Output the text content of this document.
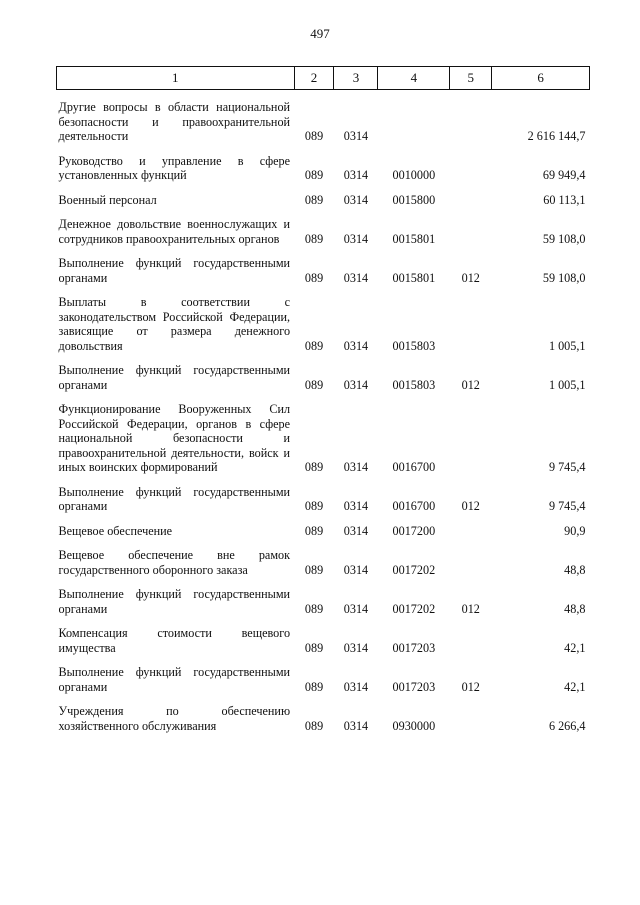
497
1	2	3	4	5	6

Другие вопросы в области национальной безопасности и правоохранительной деятельности	089	0314			2 616 144,7

Руководство и управление в сфере установленных функций	089	0314	0010000		69 949,4

Военный персонал	089	0314	0015800		60 113,1

Денежное довольствие военнослужащих и сотрудников правоохранительных органов	089	0314	0015801		59 108,0

Выполнение функций государственными органами	089	0314	0015801	012	59 108,0

Выплаты в соответствии с законодательством Российской Федерации, зависящие от размера денежного довольствия	089	0314	0015803		1 005,1

Выполнение функций государственными органами	089	0314	0015803	012	1 005,1

Функционирование Вооруженных Сил Российской Федерации, органов в сфере национальной безопасности и правоохранительной деятельности, войск и иных воинских формирований	089	0314	0016700		9 745,4

Выполнение функций государственными органами	089	0314	0016700	012	9 745,4

Вещевое обеспечение	089	0314	0017200		90,9

Вещевое обеспечение вне рамок государственного оборонного заказа	089	0314	0017202		48,8

Выполнение функций государственными органами	089	0314	0017202	012	48,8

Компенсация стоимости вещевого имущества	089	0314	0017203		42,1

Выполнение функций государственными органами	089	0314	0017203	012	42,1

Учреждения по обеспечению хозяйственного обслуживания	089	0314	0930000		6 266,4
